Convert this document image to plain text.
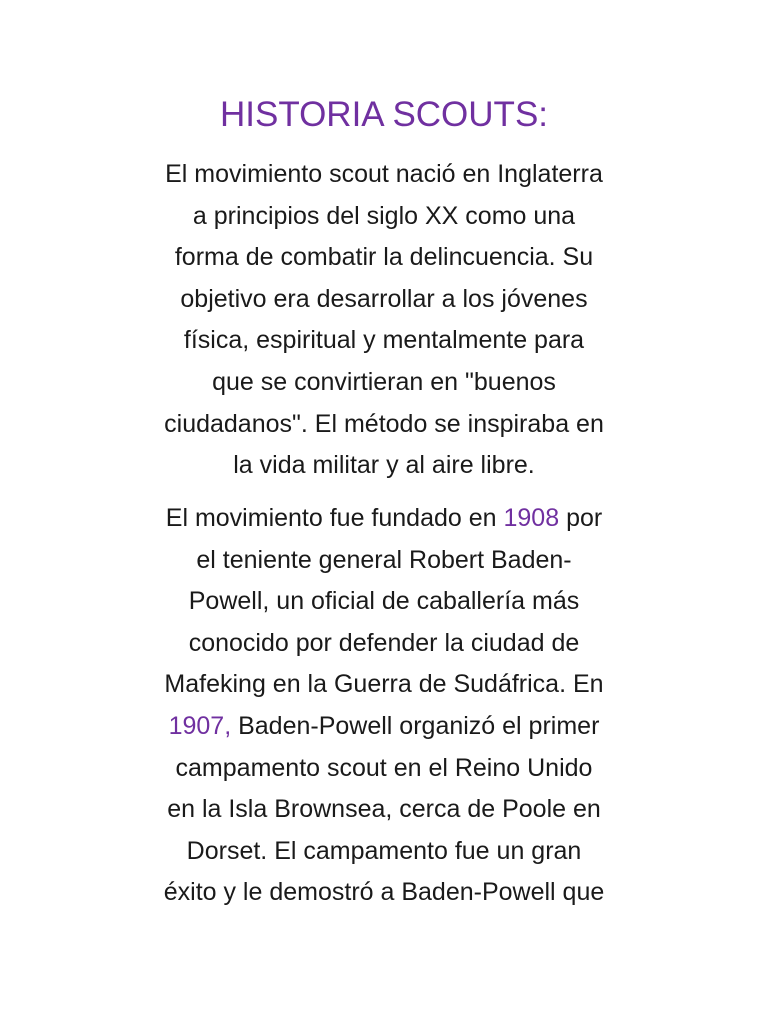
HISTORIA SCOUTS:

El movimiento scout nació en Inglaterra
a principios del siglo XX como una
forma de combatir la delincuencia. Su
objetivo era desarrollar a los jóvenes
física, espiritual y mentalmente para
que se convirtieran en "buenos
ciudadanos". El método se inspiraba en
la vida militar y al aire libre.

El movimiento fue fundado en 1908 por
el teniente general Robert Baden-
Powell, un oficial de caballería más
conocido por defender la ciudad de
Mafeking en la Guerra de Sudáfrica. En
1907, Baden-Powell organizó el primer
campamento scout en el Reino Unido
en la Isla Brownsea, cerca de Poole en
Dorset. El campamento fue un gran
éxito y le demostró a Baden-Powell que
